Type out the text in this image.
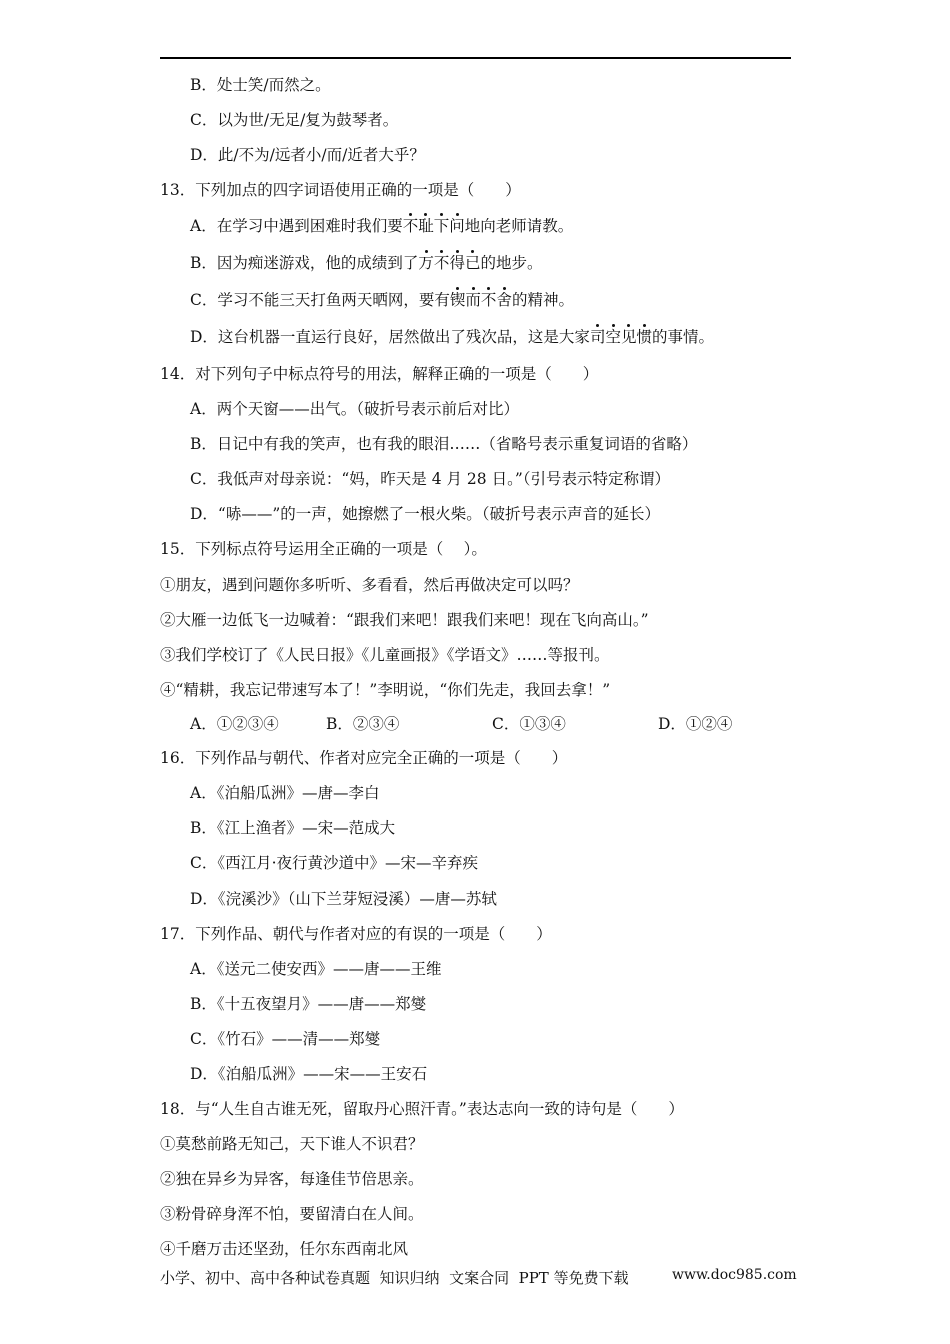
B．处士笑/而然之。
C．以为世/无足/复为鼓琴者。
D．此/不为/远者小/而/近者大乎？
13．下列加点的四字词语使用正确的一项是（　　）
A．在学习中遇到困难时我们要不耻下问地向老师请教。
B．因为痴迷游戏，他的成绩到了万不得已的地步。
C．学习不能三天打鱼两天晒网，要有锲而不舍的精神。
D．这台机器一直运行良好，居然做出了残次品，这是大家司空见惯的事情。
14．对下列句子中标点符号的用法，解释正确的一项是（　　）
A．两个天窗——出气。（破折号表示前后对比）
B．日记中有我的笑声，也有我的眼泪……（省略号表示重复词语的省略）
C．我低声对母亲说：“妈，昨天是 4 月 28 日。”（引号表示特定称谓）
D．“哧——”的一声，她擦燃了一根火柴。（破折号表示声音的延长）
15．下列标点符号运用全正确的一项是（　 ）。
①朋友，遇到问题你多听听、多看看，然后再做决定可以吗？
②大雁一边低飞一边喊着：“跟我们来吧！跟我们来吧！现在飞向高山。”
③我们学校订了《人民日报》《儿童画报》《学语文》……等报刊。
④“精耕，我忘记带速写本了！”李明说，“你们先走，我回去拿！”
A．①②③④	B．②③④	C．①③④	D．①②④
16．下列作品与朝代、作者对应完全正确的一项是（　　）
A．《泊船瓜洲》—唐—李白
B．《江上渔者》—宋—范成大
C．《西江月·夜行黄沙道中》—宋—辛弃疾
D．《浣溪沙》（山下兰芽短浸溪）—唐—苏轼
17．下列作品、朝代与作者对应的有误的一项是（　　）
A．《送元二使安西》——唐——王维
B．《十五夜望月》——唐——郑燮
C．《竹石》——清——郑燮
D．《泊船瓜洲》——宋——王安石
18．与“人生自古谁无死，留取丹心照汗青。”表达志向一致的诗句是（　　）
①莫愁前路无知己，天下谁人不识君？
②独在异乡为异客，每逢佳节倍思亲。
③粉骨碎身浑不怕，要留清白在人间。
④千磨万击还坚劲，任尔东西南北风
小学、初中、高中各种试卷真题  知识归纳  文案合同  PPT 等免费下载	www.doc985.com
